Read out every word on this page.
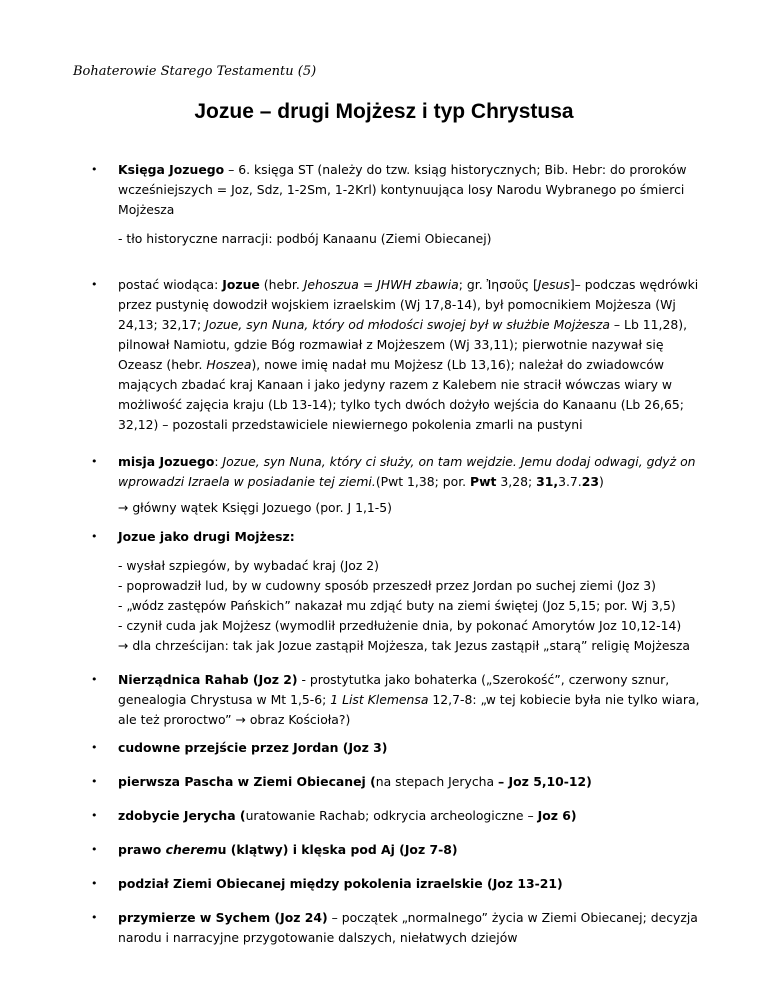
Bohaterowie Starego Testamentu (5)
Jozue – drugi Mojżesz i typ Chrystusa
• Księga Jozuego – 6. księga ST (należy do tzw. ksiąg historycznych; Bib. Hebr: do proroków wcześniejszych = Joz, Sdz, 1-2Sm, 1-2Krl) kontynuująca losy Narodu Wybranego po śmierci Mojżesza
- tło historyczne narracji: podbój Kanaanu (Ziemi Obiecanej)
• postać wiodąca: Jozue (hebr. Jehoszua = JHWH zbawia; gr. Ἰησοῦς [Jesus]– podczas wędrówki przez pustynię dowodził wojskiem izraelskim (Wj 17,8-14), był pomocnikiem Mojżesza (Wj 24,13; 32,17; Jozue, syn Nuna, który od młodości swojej był w służbie Mojżesza – Lb 11,28), pilnował Namiotu, gdzie Bóg rozmawiał z Mojżeszem (Wj 33,11); pierwotnie nazywał się Ozeasz (hebr. Hoszea), nowe imię nadał mu Mojżesz (Lb 13,16); należał do zwiadowców mających zbadać kraj Kanaan i jako jedyny razem z Kalebem nie stracił wówczas wiary w możliwość zajęcia kraju (Lb 13-14); tylko tych dwóch dożyło wejścia do Kanaanu (Lb 26,65; 32,12) – pozostali przedstawiciele niewiernego pokolenia zmarli na pustyni
• misja Jozuego: Jozue, syn Nuna, który ci służy, on tam wejdzie. Jemu dodaj odwagi, gdyż on wprowadzi Izraela w posiadanie tej ziemi.(Pwt 1,38; por. Pwt 3,28; 31,3.7.23)
→ główny wątek Księgi Jozuego (por. J 1,1-5)
• Jozue jako drugi Mojżesz:
- wysłał szpiegów, by wybadać kraj (Joz 2)
- poprowadził lud, by w cudowny sposób przeszedł przez Jordan po suchej ziemi (Joz 3)
- „wódz zastępów Pańskich” nakazał mu zdjąć buty na ziemi świętej (Joz 5,15; por. Wj 3,5)
- czynił cuda jak Mojżesz (wymodlił przedłużenie dnia, by pokonać Amorytów Joz 10,12-14)
→ dla chrześcijan: tak jak Jozue zastąpił Mojżesza, tak Jezus zastąpił „starą” religię Mojżesza
• Nierządnica Rahab (Joz 2) - prostytutka jako bohaterka („Szerokość”, czerwony sznur, genealogia Chrystusa w Mt 1,5-6; 1 List Klemensa 12,7-8: „w tej kobiecie była nie tylko wiara, ale też proroctwo” → obraz Kościoła?)
• cudowne przejście przez Jordan (Joz 3)
• pierwsza Pascha w Ziemi Obiecanej (na stepach Jerycha – Joz 5,10-12)
• zdobycie Jerycha (uratowanie Rachab; odkrycia archeologiczne – Joz 6)
• prawo cheremu (klątwy) i klęska pod Aj (Joz 7-8)
• podział Ziemi Obiecanej między pokolenia izraelskie (Joz 13-21)
• przymierze w Sychem (Joz 24) – początek „normalnego” życia w Ziemi Obiecanej; decyzja narodu i narracyjne przygotowanie dalszych, niełatwych dziejów
